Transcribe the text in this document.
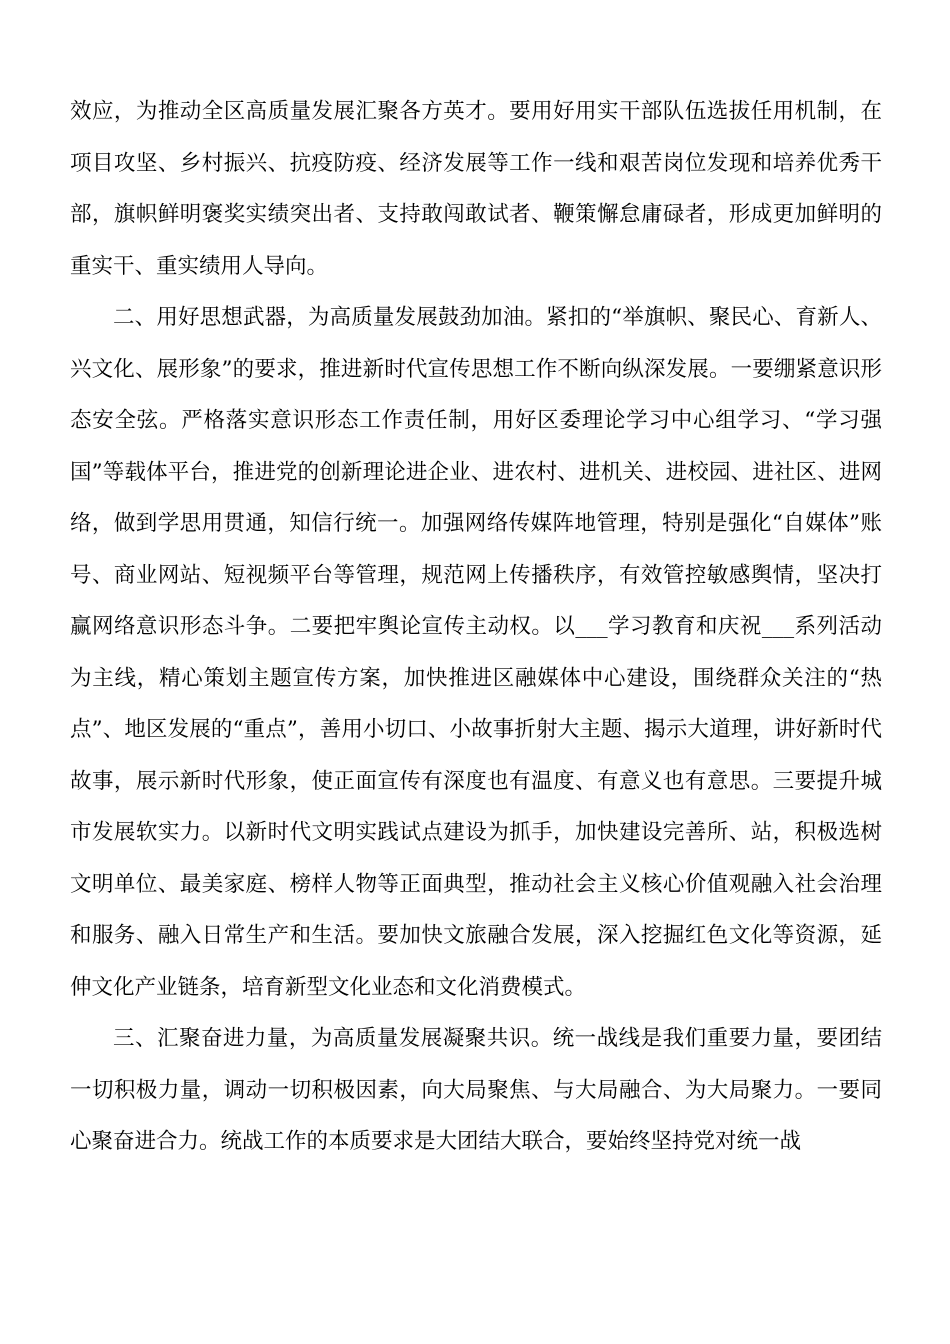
效应，为推动全区高质量发展汇聚各方英才。要用好用实干部队伍选拔任用机制，在项目攻坚、乡村振兴、抗疫防疫、经济发展等工作一线和艰苦岗位发现和培养优秀干部，旗帜鲜明褒奖实绩突出者、支持敢闯敢试者、鞭策懈怠庸碌者，形成更加鲜明的重实干、重实绩用人导向。

二、用好思想武器，为高质量发展鼓劲加油。紧扣的“举旗帜、聚民心、育新人、兴文化、展形象”的要求，推进新时代宣传思想工作不断向纵深发展。一要绷紧意识形态安全弦。严格落实意识形态工作责任制，用好区委理论学习中心组学习、“学习强国”等载体平台，推进党的创新理论进企业、进农村、进机关、进校园、进社区、进网络，做到学思用贯通，知信行统一。加强网络传媒阵地管理，特别是强化“自媒体”账号、商业网站、短视频平台等管理，规范网上传播秩序，有效管控敏感舆情，坚决打赢网络意识形态斗争。二要把牢舆论宣传主动权。以___学习教育和庆祝___系列活动为主线，精心策划主题宣传方案，加快推进区融媒体中心建设，围绕群众关注的“热点”、地区发展的“重点”，善用小切口、小故事折射大主题、揭示大道理，讲好新时代故事，展示新时代形象，使正面宣传有深度也有温度、有意义也有意思。三要提升城市发展软实力。以新时代文明实践试点建设为抓手，加快建设完善所、站，积极选树文明单位、最美家庭、榜样人物等正面典型，推动社会主义核心价值观融入社会治理和服务、融入日常生产和生活。要加快文旅融合发展，深入挖掘红色文化等资源，延伸文化产业链条，培育新型文化业态和文化消费模式。

三、汇聚奋进力量，为高质量发展凝聚共识。统一战线是我们重要力量，要团结一切积极力量，调动一切积极因素，向大局聚焦、与大局融合、为大局聚力。一要同心聚奋进合力。统战工作的本质要求是大团结大联合，要始终坚持党对统一战
